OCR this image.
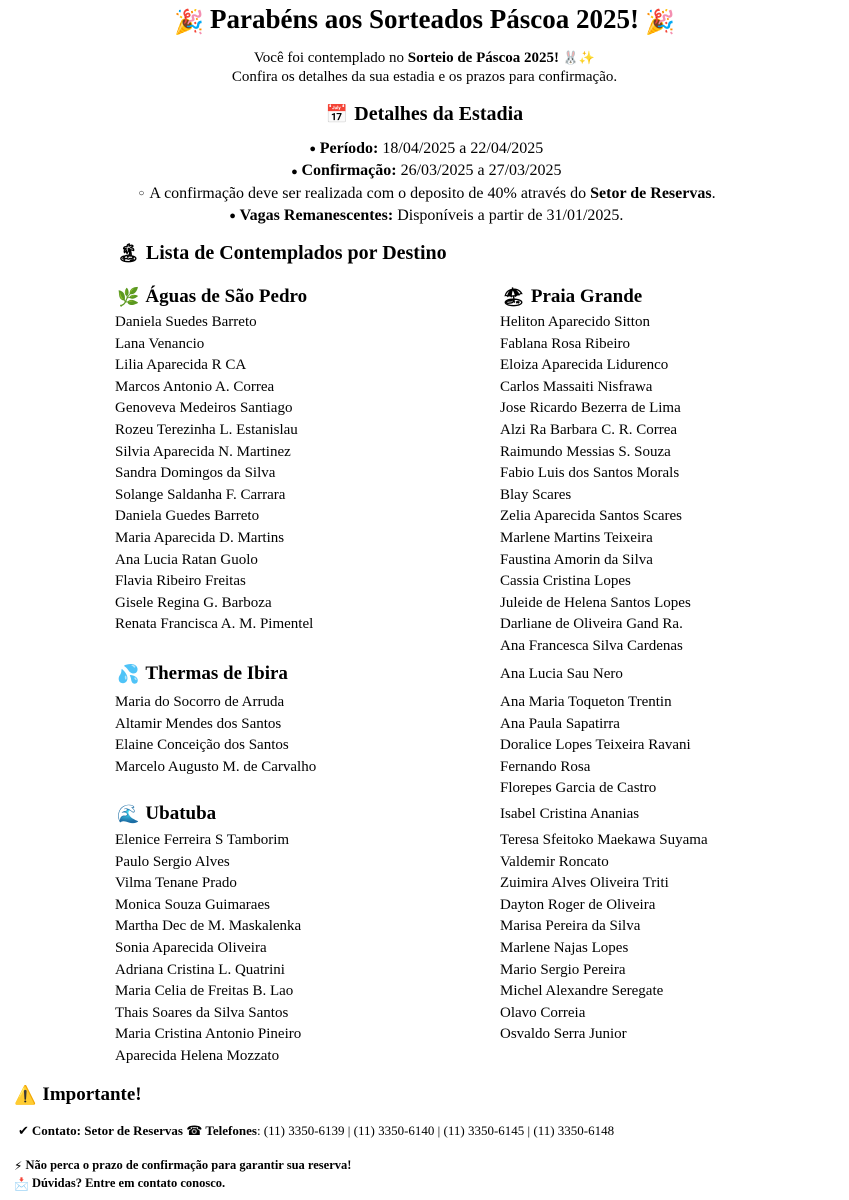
🎉 Parabéns aos Sorteados Páscoa 2025! 🎉
Você foi contemplado no Sorteio de Páscoa 2025! 🐰✨
Confira os detalhes da sua estadia e os prazos para confirmação.
📅 Detalhes da Estadia
● Período: 18/04/2025 a 22/04/2025
● Confirmação: 26/03/2025 a 27/03/2025
○ A confirmação deve ser realizada com o deposito de 40% através do Setor de Reservas.
● Vagas Remanescentes: Disponíveis a partir de 31/01/2025.
🏝 Lista de Contemplados por Destino
🌿 Águas de São Pedro
Daniela Suedes Barreto
Lana Venancio
Lilia Aparecida R CA
Marcos Antonio A. Correa
Genoveva Medeiros Santiago
Rozeu Terezinha L. Estanislau
Silvia Aparecida N. Martinez
Sandra Domingos da Silva
Solange Saldanha F. Carrara
Daniela Guedes Barreto
Maria Aparecida D. Martins
Ana Lucia Ratan Guolo
Flavia Ribeiro Freitas
Gisele Regina G. Barboza
Renata Francisca A. M. Pimentel
💦 Thermas de Ibira
Maria do Socorro de Arruda
Altamir Mendes dos Santos
Elaine Conceição dos Santos
Marcelo Augusto M. de Carvalho
🌊 Ubatuba
Elenice Ferreira S Tamborim
Paulo Sergio Alves
Vilma Tenane Prado
Monica Souza Guimaraes
Martha Dec de M. Maskalenka
Sonia Aparecida Oliveira
Adriana Cristina L. Quatrini
Maria Celia de Freitas B. Lao
Thais Soares da Silva Santos
Maria Cristina Antonio Pineiro
Aparecida Helena Mozzato
🏖 Praia Grande
Heliton Aparecido Sitton
Fablana Rosa Ribeiro
Eloiza Aparecida Lidurenco
Carlos Massaiti Nisfrawa
Jose Ricardo Bezerra de Lima
Alzi Ra Barbara C. R. Correa
Raimundo Messias S. Souza
Fabio Luis dos Santos Morals
Blay Scares
Zelia Aparecida Santos Scares
Marlene Martins Teixeira
Faustina Amorin da Silva
Cassia Cristina Lopes
Juleide de Helena Santos Lopes
Darliane de Oliveira Gand Ra.
Ana Francesca Silva Cardenas
Ana Lucia Sau Nero
Ana Maria Toqueton Trentin
Ana Paula Sapatirra
Doralice Lopes Teixeira Ravani
Fernando Rosa
Florepes Garcia de Castro
Isabel Cristina Ananias
Teresa Sfeitoko Maekawa Suyama
Valdemir Roncato
Zuimira Alves Oliveira Triti
Dayton Roger de Oliveira
Marisa Pereira da Silva
Marlene Najas Lopes
Mario Sergio Pereira
Michel Alexandre Seregate
Olavo Correia
Osvaldo Serra Junior
⚠️ Importante!
✔ Contato: Setor de Reservas ☎ Telefones: (11) 3350-6139 | (11) 3350-6140 | (11) 3350-6145 | (11) 3350-6148
⚡ Não perca o prazo de confirmação para garantir sua reserva!
📩 Dúvidas? Entre em contato conosco.
